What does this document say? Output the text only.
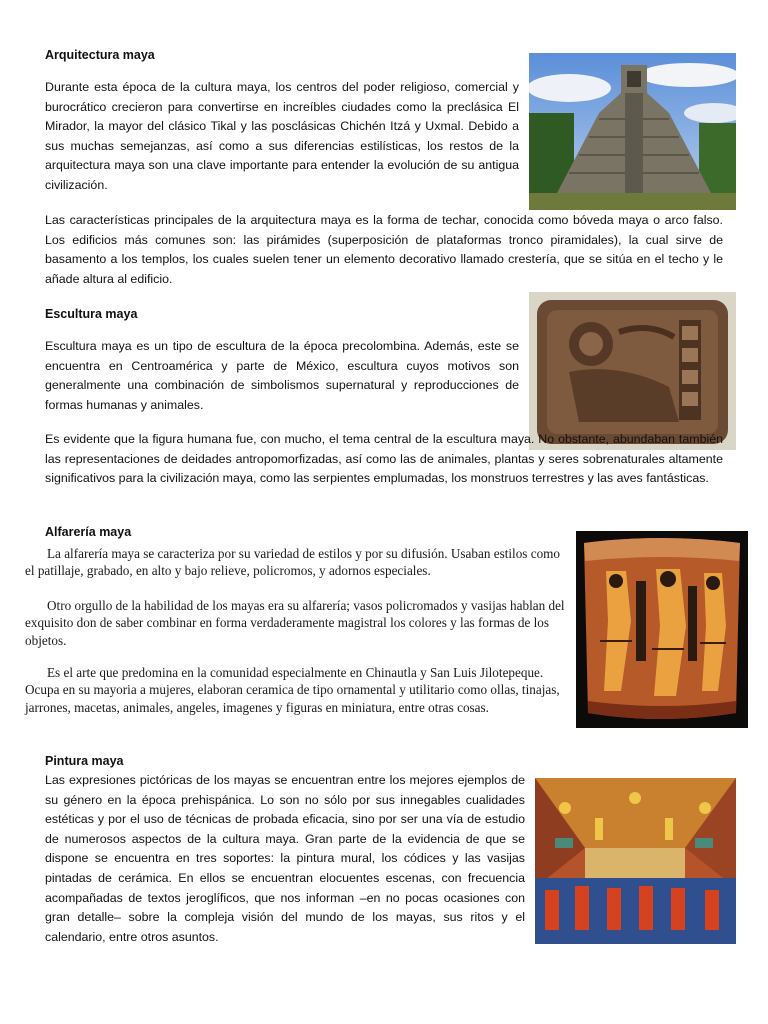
Arquitectura maya

Durante esta época de la cultura maya, los centros del poder religioso, comercial y burocrático crecieron para convertirse en increíbles ciudades como la preclásica El Mirador, la mayor del clásico Tikal y las posclásicas Chichén Itzá y Uxmal. Debido a sus muchas semejanzas, así como a sus diferencias estilísticas, los restos de la arquitectura maya son una clave importante para entender la evolución de su antigua civilización.

Las características principales de la arquitectura maya es la forma de techar, conocida como bóveda maya o arco falso. Los edificios más comunes son: las pirámides (superposición de plataformas tronco piramidales), la cual sirve de basamento a los templos, los cuales suelen tener un elemento decorativo llamado crestería, que se sitúa en el techo y le añade altura al edificio.

Escultura maya

Escultura maya es un tipo de escultura de la época precolombina. Además, este se encuentra en Centroamérica y parte de México, escultura cuyos motivos son generalmente una combinación de simbolismos supernatural y reproducciones de formas humanas y animales.

Es evidente que la figura humana fue, con mucho, el tema central de la escultura maya. No obstante, abundaban también las representaciones de deidades antropomorfizadas, así como las de animales, plantas y seres sobrenaturales altamente significativos para la civilización maya, como las serpientes emplumadas, los monstruos terrestres y las aves fantásticas.

Alfarería maya

La alfarería maya se caracteriza por su variedad de estilos y por su difusión. Usaban estilos como el patillaje, grabado, en alto y bajo relieve, policromos, y adornos especiales.

Otro orgullo de la habilidad de los mayas era su alfarería; vasos policromados y vasijas hablan del exquisito don de saber combinar en forma verdaderamente magistral los colores y las formas de los objetos.

Es el arte que predomina en la comunidad especialmente en Chinautla y San Luis Jilotepeque. Ocupa en su mayoria a mujeres, elaboran ceramica de tipo ornamental y utilitario como ollas, tinajas, jarrones, macetas, animales, angeles, imagenes y figuras en miniatura, entre otras cosas.

Pintura maya

Las expresiones pictóricas de los mayas se encuentran entre los mejores ejemplos de su género en la época prehispánica. Lo son no sólo por sus innegables cualidades estéticas y por el uso de técnicas de probada eficacia, sino por ser una vía de estudio de numerosos aspectos de la cultura maya. Gran parte de la evidencia de que se dispone se encuentra en tres soportes: la pintura mural, los códices y las vasijas pintadas de cerámica. En ellos se encuentran elocuentes escenas, con frecuencia acompañadas de textos jeroglíficos, que nos informan –en no pocas ocasiones con gran detalle– sobre la compleja visión del mundo de los mayas, sus ritos y el calendario, entre otros asuntos.
